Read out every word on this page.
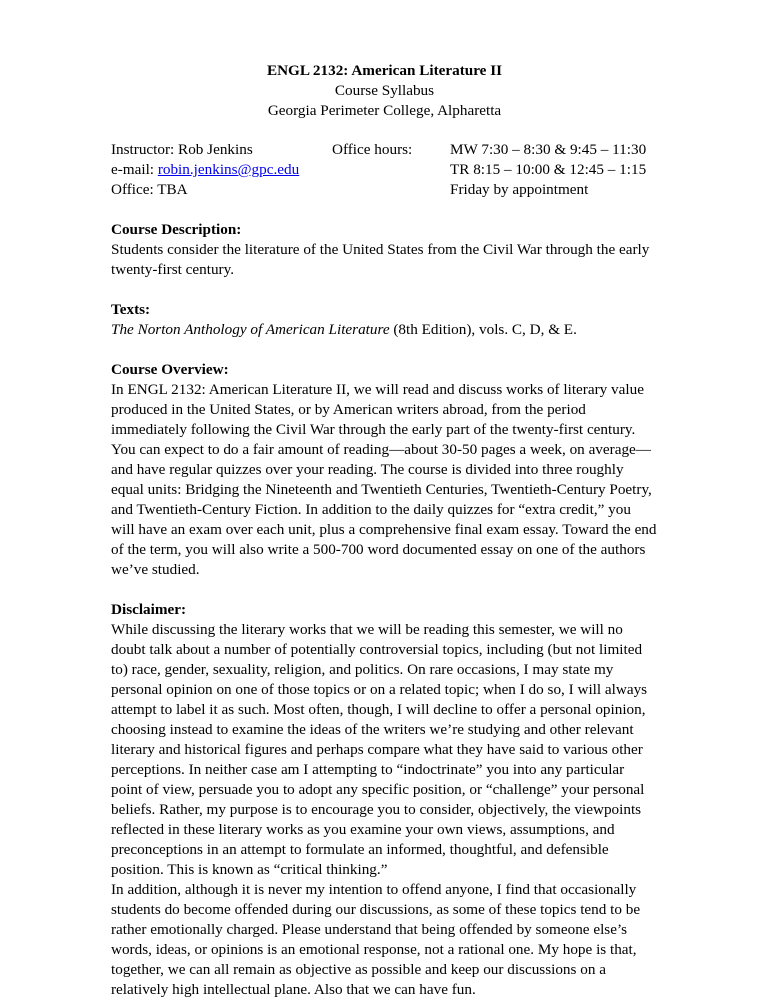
ENGL 2132: American Literature II
Course Syllabus
Georgia Perimeter College, Alpharetta
Instructor: Rob Jenkins
e-mail: robin.jenkins@gpc.edu
Office: TBA
Office hours:	MW 7:30 – 8:30 & 9:45 – 11:30
TR 8:15 – 10:00 & 12:45 – 1:15
Friday by appointment
Course Description:

Students consider the literature of the United States from the Civil War through the early twenty-first century.

Texts:

The Norton Anthology of American Literature (8th Edition), vols. C, D, & E.

Course Overview:

In ENGL 2132: American Literature II, we will read and discuss works of literary value produced in the United States, or by American writers abroad, from the period immediately following the Civil War through the early part of the twenty-first century. You can expect to do a fair amount of reading—about 30-50 pages a week, on average—and have regular quizzes over your reading. The course is divided into three roughly equal units: Bridging the Nineteenth and Twentieth Centuries, Twentieth-Century Poetry, and Twentieth-Century Fiction. In addition to the daily quizzes for “extra credit,” you will have an exam over each unit, plus a comprehensive final exam essay. Toward the end of the term, you will also write a 500-700 word documented essay on one of the authors we’ve studied.

Disclaimer:

While discussing the literary works that we will be reading this semester, we will no doubt talk about a number of potentially controversial topics, including (but not limited to) race, gender, sexuality, religion, and politics. On rare occasions, I may state my personal opinion on one of those topics or on a related topic; when I do so, I will always attempt to label it as such. Most often, though, I will decline to offer a personal opinion, choosing instead to examine the ideas of the writers we’re studying and other relevant literary and historical figures and perhaps compare what they have said to various other perceptions. In neither case am I attempting to “indoctrinate” you into any particular point of view, persuade you to adopt any specific position, or “challenge” your personal beliefs. Rather, my purpose is to encourage you to consider, objectively, the viewpoints reflected in these literary works as you examine your own views, assumptions, and preconceptions in an attempt to formulate an informed, thoughtful, and defensible position. This is known as “critical thinking.”

In addition, although it is never my intention to offend anyone, I find that occasionally students do become offended during our discussions, as some of these topics tend to be rather emotionally charged. Please understand that being offended by someone else’s words, ideas, or opinions is an emotional response, not a rational one. My hope is that, together, we can all remain as objective as possible and keep our discussions on a relatively high intellectual plane. Also that we can have fun.
